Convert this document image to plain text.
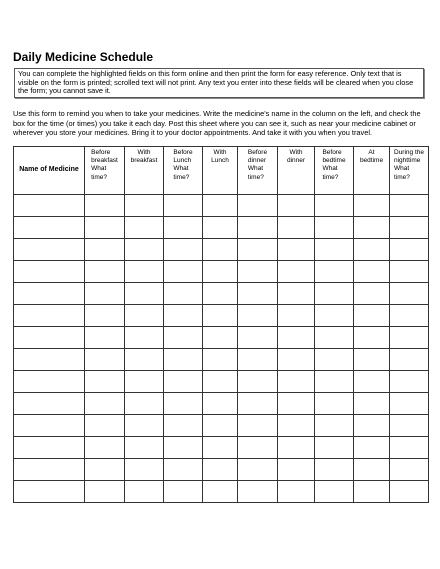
Daily Medicine Schedule
You can complete the highlighted fields on this form online and then print the form for easy reference. Only text that is visible on the form is printed; scrolled text will not print. Any text you enter into these fields will be cleared when you close the form; you cannot save it.
Use this form to remind you when to take your medicines. Write the medicine's name in the column on the left, and check the box for the time (or times) you take it each day. Post this sheet where you can see it, such as near your medicine cabinet or wherever you store your medicines. Bring it to your doctor appointments. And take it with you when you travel.
Name of Medicine	Before
breakfast
What
time?	With
breakfast	Before
Lunch
What
time?	With
Lunch	Before
dinner
What
time?	With
dinner	Before
bedtime
What
time?	At
bedtime	During the
nighttime
What
time?
